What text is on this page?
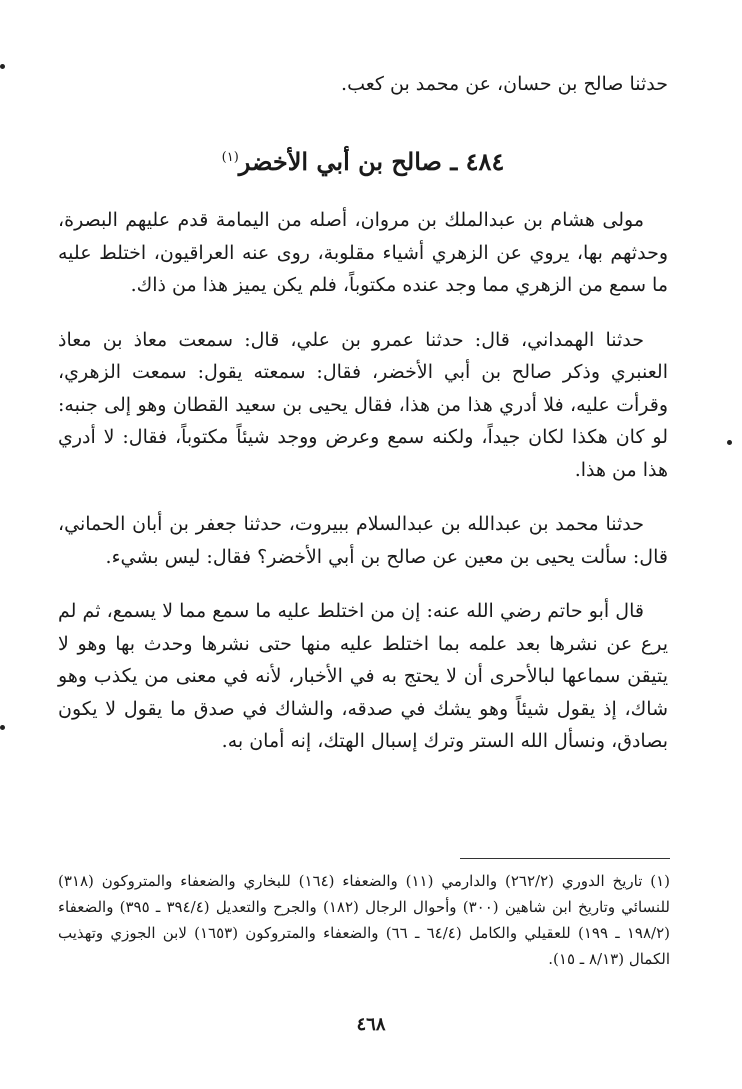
حدثنا صالح بن حسان، عن محمد بن كعب.

٤٨٤ ـ صالح بن أبي الأخضر$^{(١)}$

مولى هشام بن عبدالملك بن مروان، أصله من اليمامة قدم عليهم البصرة، وحدثهم بها، يروي عن الزهري أشياء مقلوبة، روى عنه العراقيون، اختلط عليه ما سمع من الزهري مما وجد عنده مكتوباً، فلم يكن يميز هذا من ذاك.

حدثنا الهمداني، قال: حدثنا عمرو بن علي، قال: سمعت معاذ بن معاذ العنبري وذكر صالح بن أبي الأخضر، فقال: سمعته يقول: سمعت الزهري، وقرأت عليه، فلا أدري هذا من هذا، فقال يحيى بن سعيد القطان وهو إلى جنبه: لو كان هكذا لكان جيداً، ولكنه سمع وعرض ووجد شيئاً مكتوباً، فقال: لا أدري هذا من هذا.

حدثنا محمد بن عبدالله بن عبدالسلام ببيروت، حدثنا جعفر بن أبان الحماني، قال: سألت يحيى بن معين عن صالح بن أبي الأخضر؟ فقال: ليس بشيء.

قال أبو حاتم رضي الله عنه: إن من اختلط عليه ما سمع مما لا يسمع، ثم لم يرع عن نشرها بعد علمه بما اختلط عليه منها حتى نشرها وحدث بها وهو لا يتيقن سماعها لبالأحرى أن لا يحتج به في الأخبار، لأنه في معنى من يكذب وهو شاك، إذ يقول شيئاً وهو يشك في صدقه، والشاك في صدق ما يقول لا يكون بصادق، ونسأل الله الستر وترك إسبال الهتك، إنه أمان به.

(١) تاريخ الدوري (٢٦٢/٢) والدارمي (١١) والضعفاء (١٦٤) للبخاري والضعفاء والمتروكون (٣١٨) للنسائي وتاريخ ابن شاهين (٣٠٠) وأحوال الرجال (١٨٢) والجرح والتعديل (٣٩٤/٤ ـ ٣٩٥) والضعفاء (١٩٨/٢ ـ ١٩٩) للعقيلي والكامل (٦٤/٤ ـ ٦٦) والضعفاء والمتروكون (١٦٥٣) لابن الجوزي وتهذيب الكمال (٨/١٣ ـ ١٥).
٤٦٨
